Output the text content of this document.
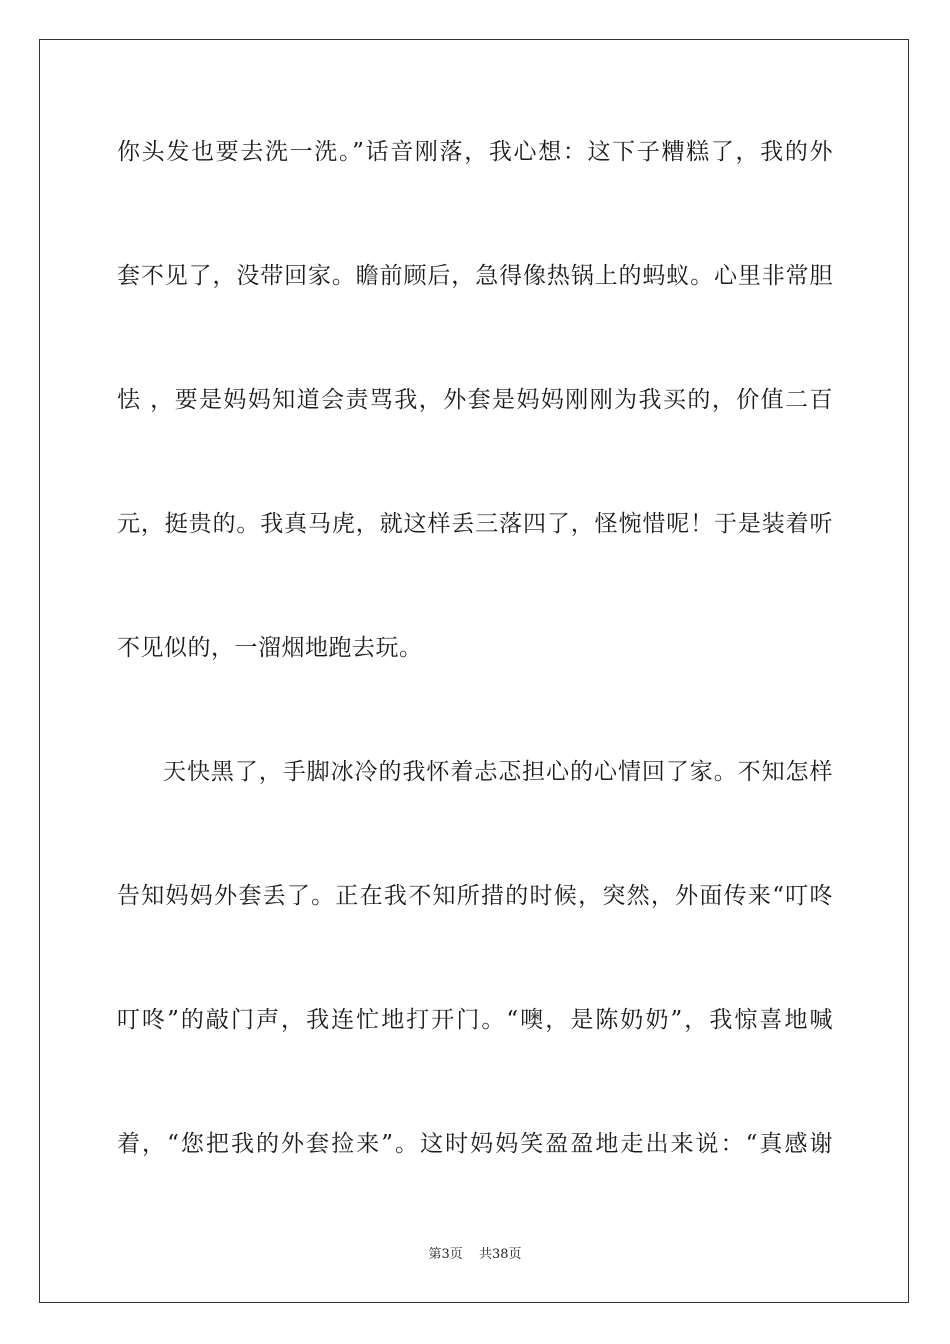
你头发也要去洗一洗。”话音刚落，我心想：这下子糟糕了，我的外
套不见了，没带回家。瞻前顾后，急得像热锅上的蚂蚁。心里非常胆
怯 ，要是妈妈知道会责骂我，外套是妈妈刚刚为我买的，价值二百
元，挺贵的。我真马虎，就这样丢三落四了，怪惋惜呢！于是装着听
不见似的，一溜烟地跑去玩。
天快黑了，手脚冰冷的我怀着忐忑担心的心情回了家。不知怎样
告知妈妈外套丢了。正在我不知所措的时候，突然，外面传来“叮咚
叮咚”的敲门声，我连忙地打开门。“噢，是陈奶奶”，我惊喜地喊
着，“您把我的外套捡来”。这时妈妈笑盈盈地走出来说：“真感谢
第3页 共38页
